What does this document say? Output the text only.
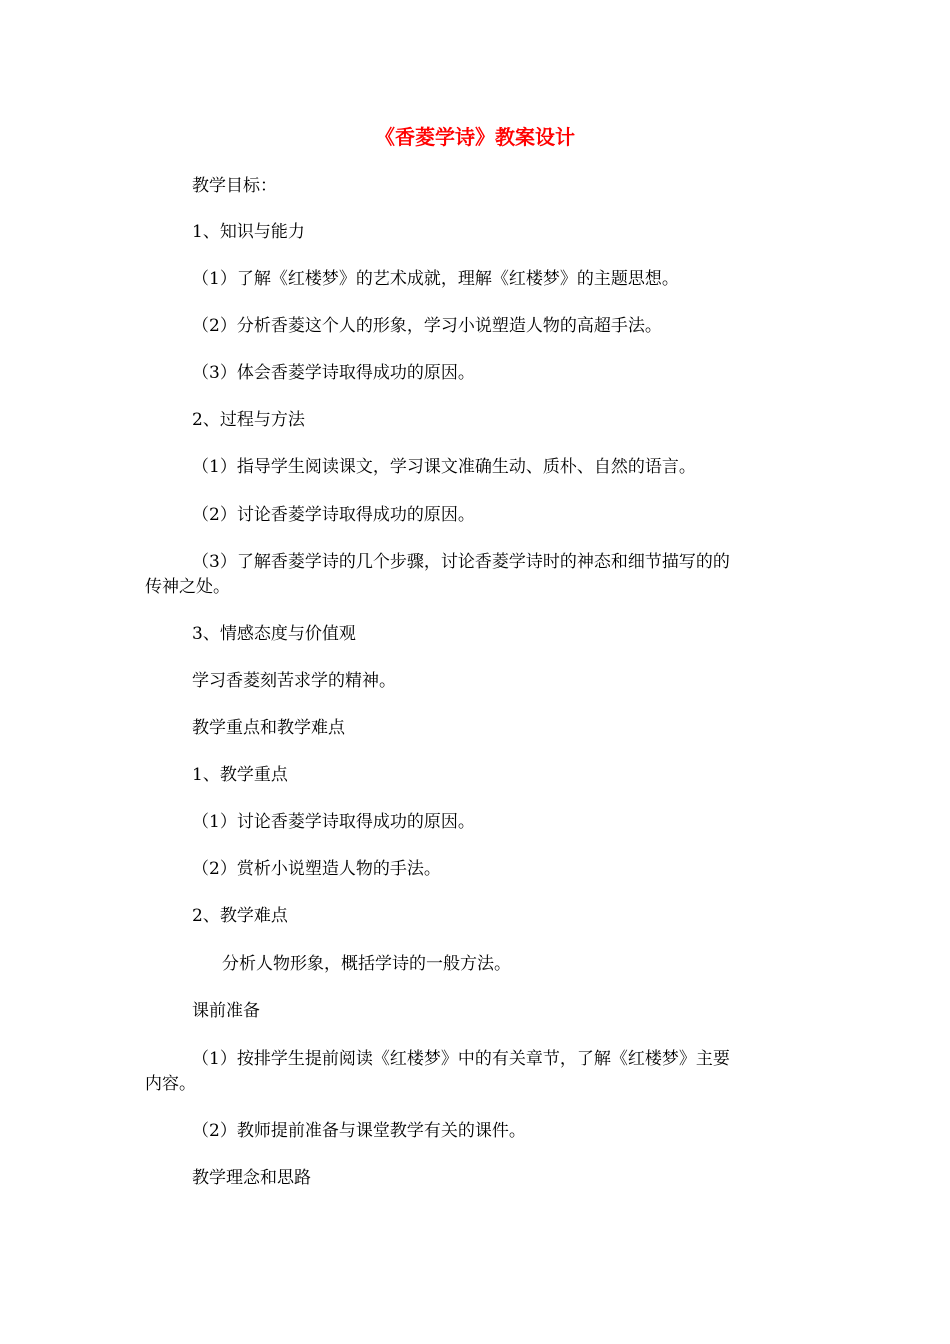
《香菱学诗》教案设计
教学目标：
1、知识与能力
（1）了解《红楼梦》的艺术成就，理解《红楼梦》的主题思想。
（2）分析香菱这个人的形象，学习小说塑造人物的高超手法。
（3）体会香菱学诗取得成功的原因。
2、过程与方法
（1）指导学生阅读课文，学习课文准确生动、质朴、自然的语言。
（2）讨论香菱学诗取得成功的原因。
（3）了解香菱学诗的几个步骤，讨论香菱学诗时的神态和细节描写的的
传神之处。
3、情感态度与价值观
学习香菱刻苦求学的精神。
教学重点和教学难点
1、教学重点
（1）讨论香菱学诗取得成功的原因。
（2）赏析小说塑造人物的手法。
2、教学难点
分析人物形象，概括学诗的一般方法。
课前准备
（1）按排学生提前阅读《红楼梦》中的有关章节，了解《红楼梦》主要
内容。
（2）教师提前准备与课堂教学有关的课件。
教学理念和思路
